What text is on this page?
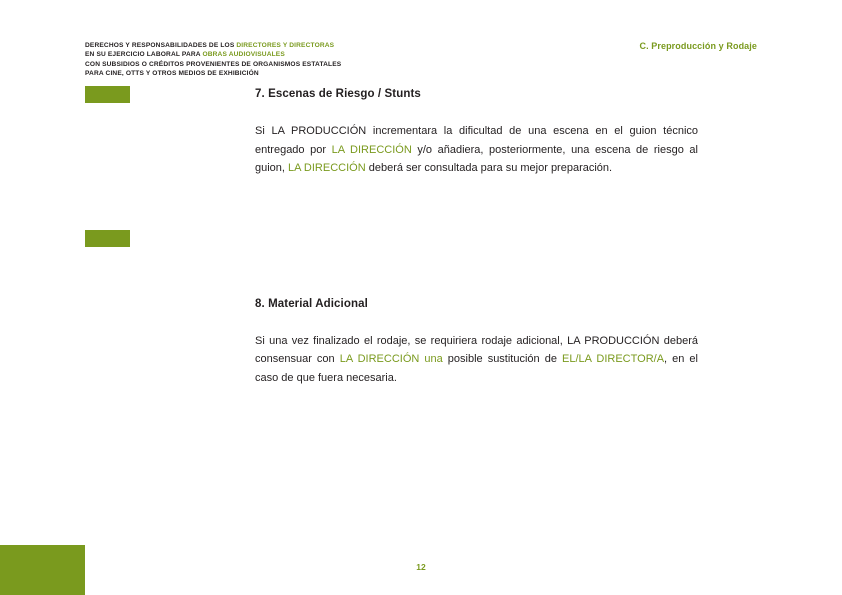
DERECHOS Y RESPONSABILIDADES DE LOS DIRECTORES Y DIRECTORAS
EN SU EJERCICIO LABORAL PARA OBRAS AUDIOVISUALES
CON SUBSIDIOS O CRÉDITOS PROVENIENTES DE ORGANISMOS ESTATALES
PARA CINE, OTTS Y OTROS MEDIOS DE EXHIBICIÓN
C. Preproducción y Rodaje
7. Escenas de Riesgo / Stunts

Si LA PRODUCCIÓN incrementara la dificultad de una escena en el guion técnico entregado por LA DIRECCIÓN y/o añadiera, posteriormente, una escena de riesgo al guion, LA DIRECCIÓN deberá ser consultada para su mejor preparación.

8. Material Adicional

Si una vez finalizado el rodaje, se requiriera rodaje adicional, LA PRODUCCIÓN deberá consensuar con LA DIRECCIÓN una posible sustitución de EL/LA DIRECTOR/A, en el caso de que fuera necesaria.

12
